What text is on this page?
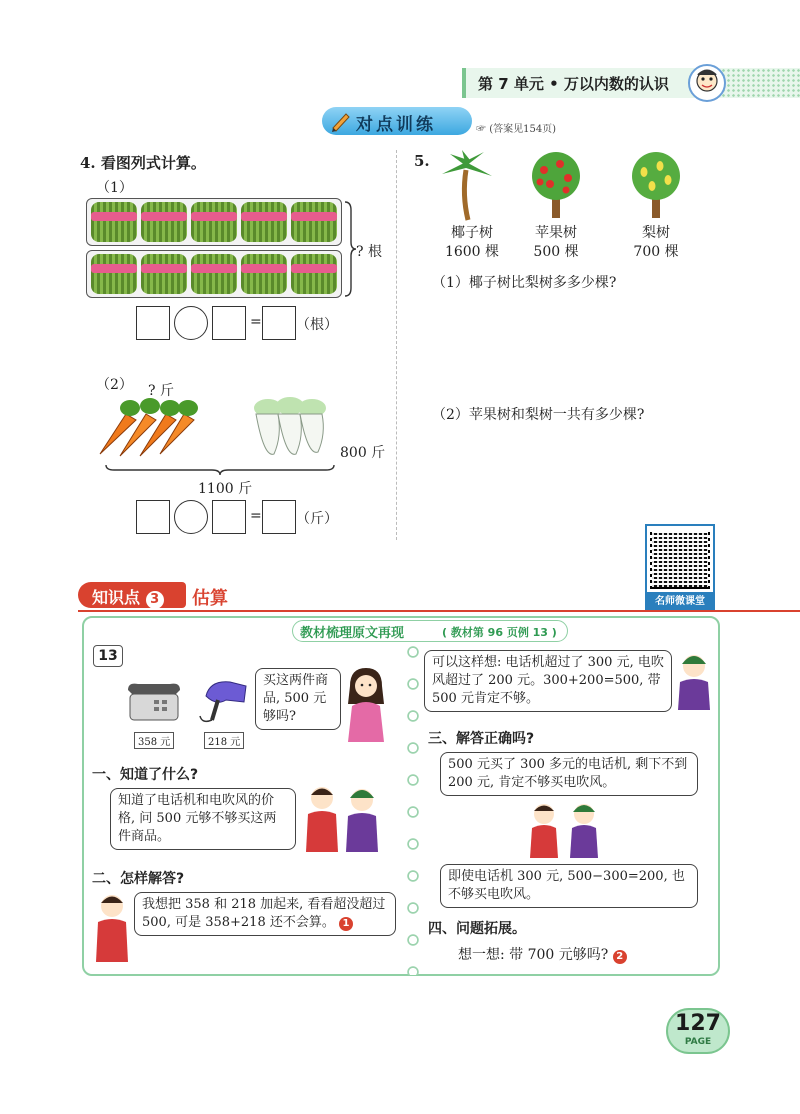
第 7 单元 • 万以内数的认识
对点训练	☞ (答案见154页)
4. 看图列式计算。
（1）
? 根
= （根）
（2） ? 斤
800 斤
1100 斤
= （斤）
5.
椰子树
1600 棵
苹果树
500 棵
梨树
700 棵
（1）椰子树比梨树多多少棵?
（2）苹果树和梨树一共有多少棵?
名师微课堂
知识点 3 估算
教材梳理原文再现	( 教材第 96 页例 13 )
13
358 元	218 元
买这两件商品, 500 元够吗?
一、知道了什么?
知道了电话机和电吹风的价格, 问 500 元够不够买这两件商品。
二、怎样解答?
我想把 358 和 218 加起来, 看看超没超过 500, 可是 358+218 还不会算。 1
可以这样想: 电话机超过了 300 元, 电吹风超过了 200 元。300+200=500, 带 500 元肯定不够。
三、解答正确吗?
500 元买了 300 多元的电话机, 剩下不到 200 元, 肯定不够买电吹风。
即使电话机 300 元, 500−300=200, 也不够买电吹风。
四、问题拓展。
想一想: 带 700 元够吗? 2
127
PAGE
